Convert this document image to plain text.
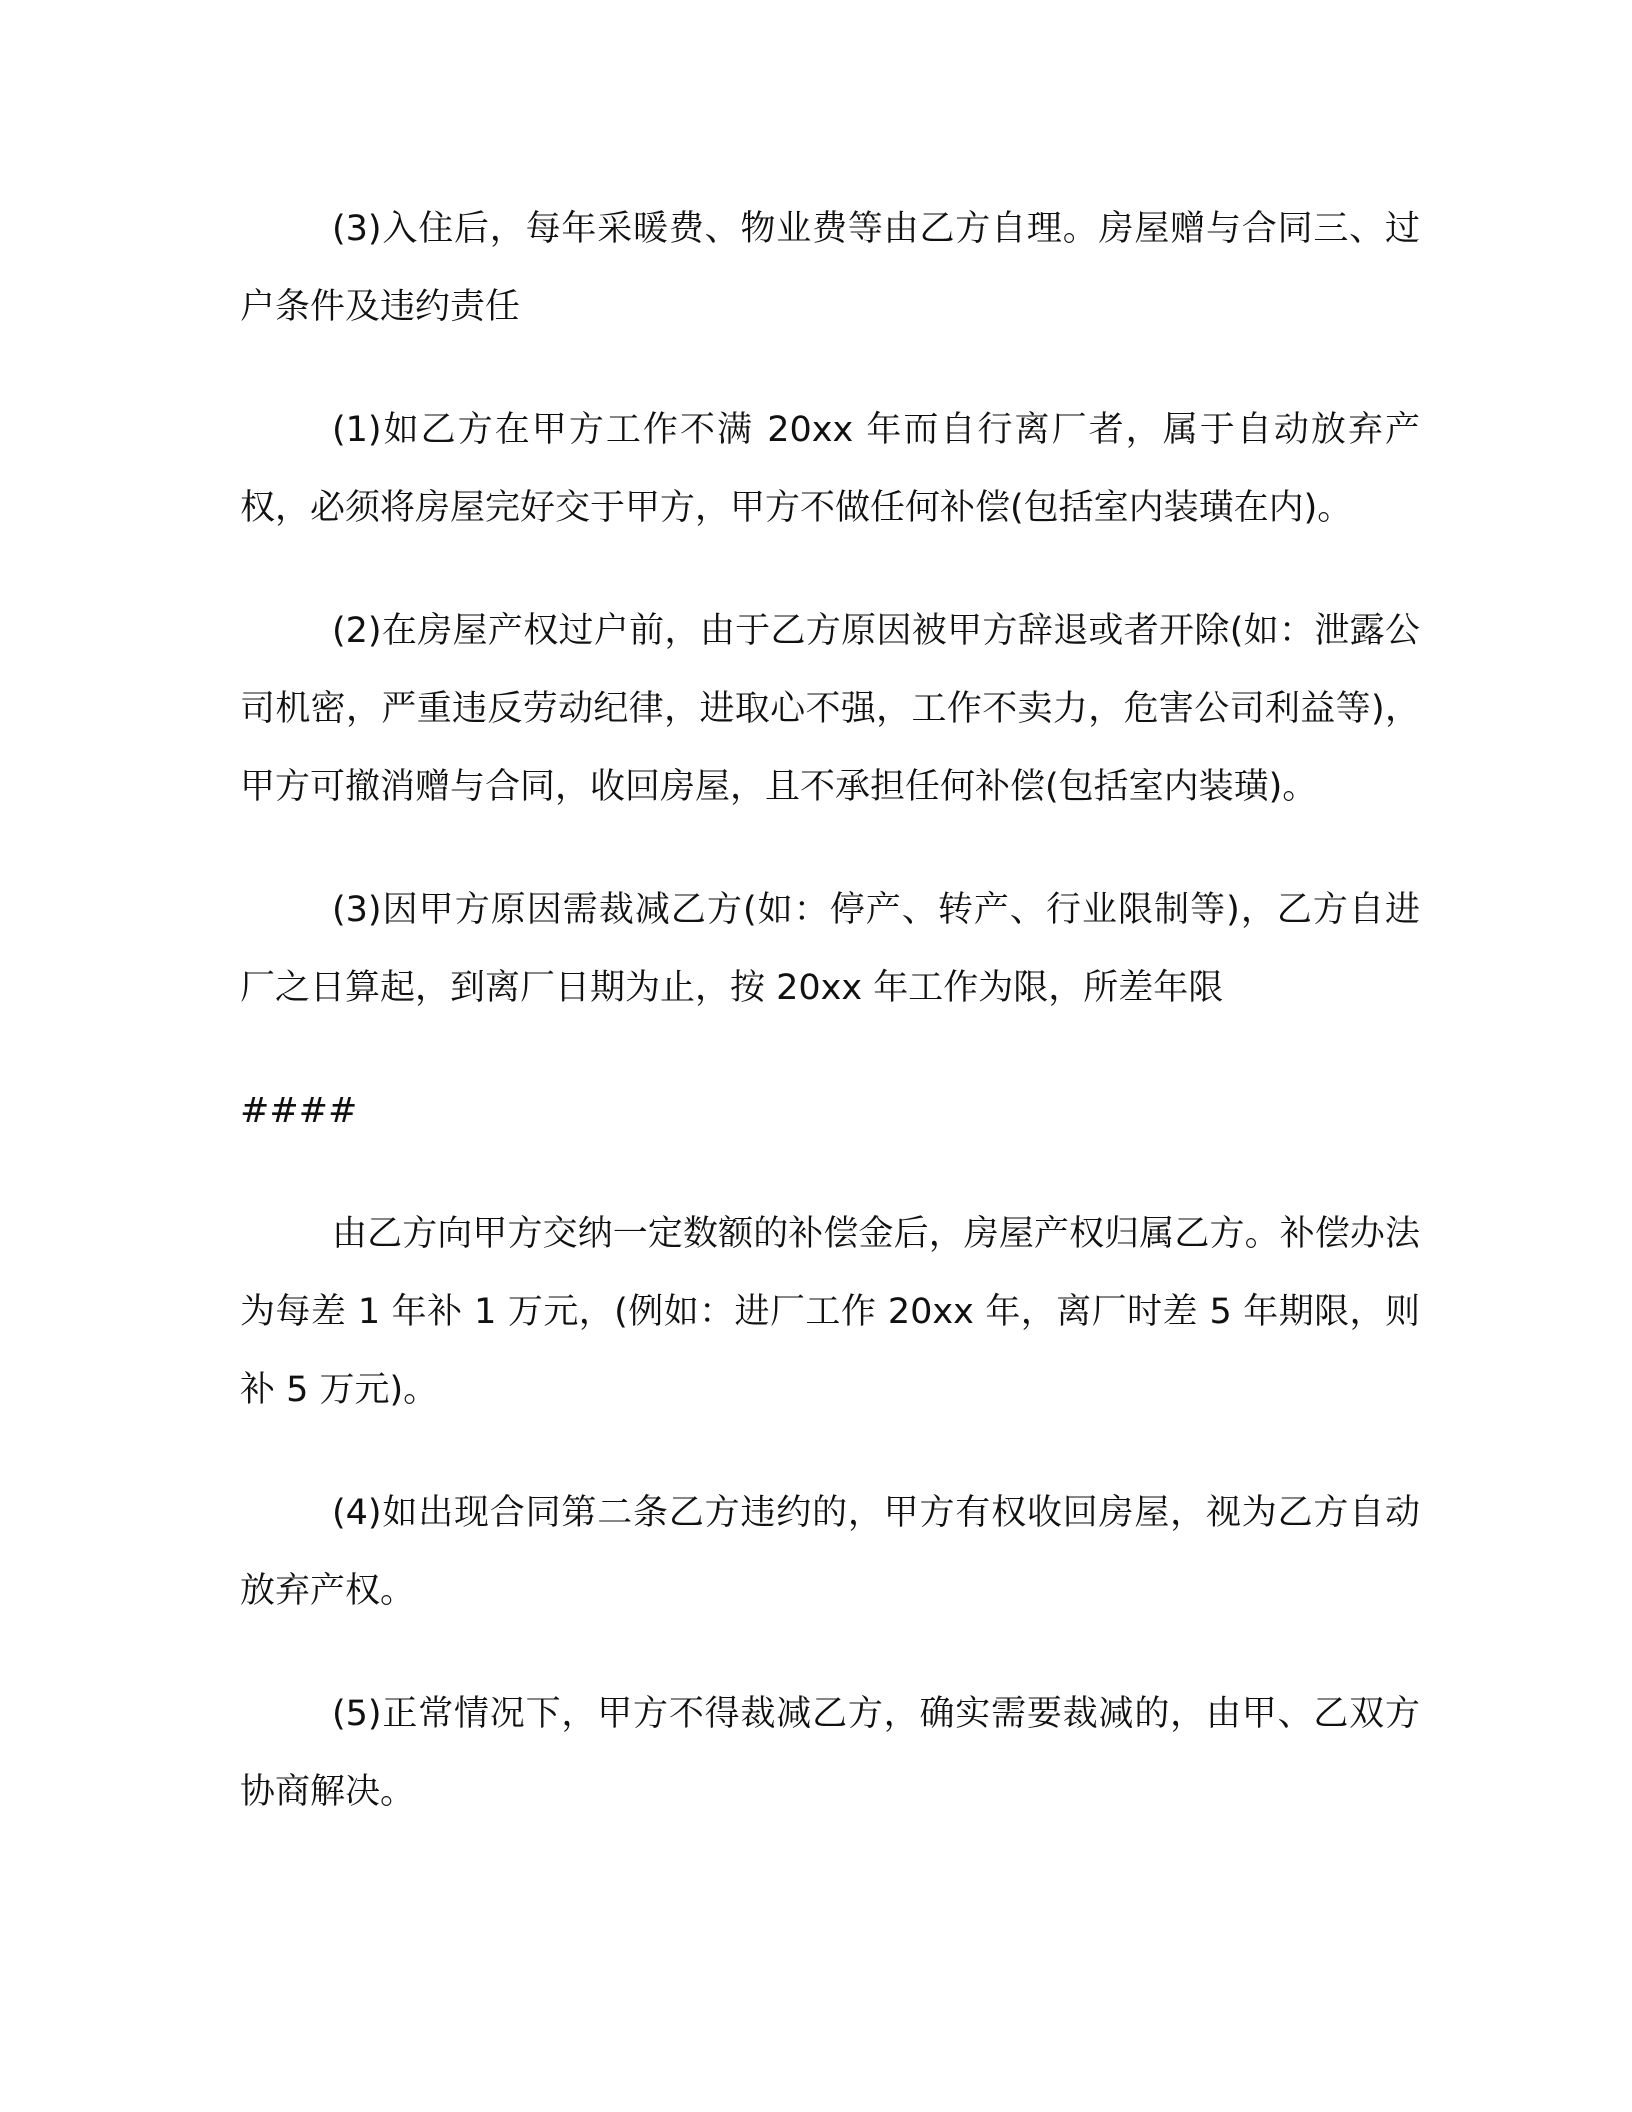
(3)入住后，每年采暖费、物业费等由乙方自理。房屋赠与合同三、过户条件及违约责任

(1)如乙方在甲方工作不满 20xx 年而自行离厂者，属于自动放弃产权，必须将房屋完好交于甲方，甲方不做任何补偿(包括室内装璜在内)。

(2)在房屋产权过户前，由于乙方原因被甲方辞退或者开除(如：泄露公司机密，严重违反劳动纪律，进取心不强，工作不卖力，危害公司利益等)，甲方可撤消赠与合同，收回房屋，且不承担任何补偿(包括室内装璜)。

(3)因甲方原因需裁减乙方(如：停产、转产、行业限制等)，乙方自进厂之日算起，到离厂日期为止，按 20xx 年工作为限，所差年限

####

由乙方向甲方交纳一定数额的补偿金后，房屋产权归属乙方。补偿办法为每差 1 年补 1 万元，(例如：进厂工作 20xx 年，离厂时差 5 年期限，则补 5 万元)。

(4)如出现合同第二条乙方违约的，甲方有权收回房屋，视为乙方自动放弃产权。

(5)正常情况下，甲方不得裁减乙方，确实需要裁减的，由甲、乙双方协商解决。
